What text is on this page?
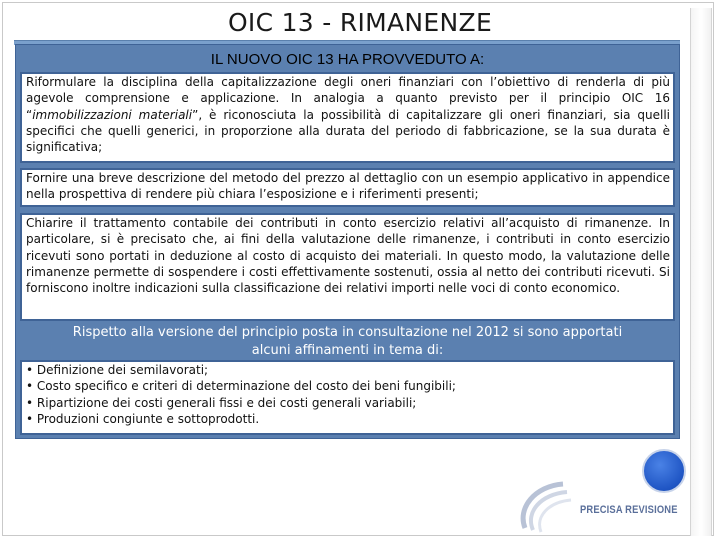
OIC 13 - RIMANENZE
IL NUOVO OIC 13 HA PROVVEDUTO A:
Riformulare la disciplina della capitalizzazione degli oneri finanziari con l’obiettivo di renderla di più agevole comprensione e applicazione. In analogia a quanto previsto per il principio OIC 16 “immobilizzazioni materiali”, è riconosciuta la possibilità di capitalizzare gli oneri finanziari, sia quelli specifici che quelli generici, in proporzione alla durata del periodo di fabbricazione, se la sua durata è significativa;
Fornire una breve descrizione del metodo del prezzo al dettaglio con un esempio applicativo in appendice nella prospettiva di rendere più chiara l’esposizione e i riferimenti presenti;
Chiarire il trattamento contabile dei contributi in conto esercizio relativi all’acquisto di rimanenze. In particolare, si è precisato che, ai fini della valutazione delle rimanenze, i contributi in conto esercizio ricevuti sono portati in deduzione al costo di acquisto dei materiali. In questo modo, la valutazione delle rimanenze permette di sospendere i costi effettivamente sostenuti, ossia al netto dei contributi ricevuti. Si forniscono inoltre indicazioni sulla classificazione dei relativi importi nelle voci di conto economico.
Rispetto alla versione del principio posta in consultazione nel 2012 si sono apportati
alcuni affinamenti in tema di:
• Definizione dei semilavorati;
• Costo specifico e criteri di determinazione del costo dei beni fungibili;
• Ripartizione dei costi generali fissi e dei costi generali variabili;
• Produzioni congiunte e sottoprodotti.
PRECISA REVISIONE
